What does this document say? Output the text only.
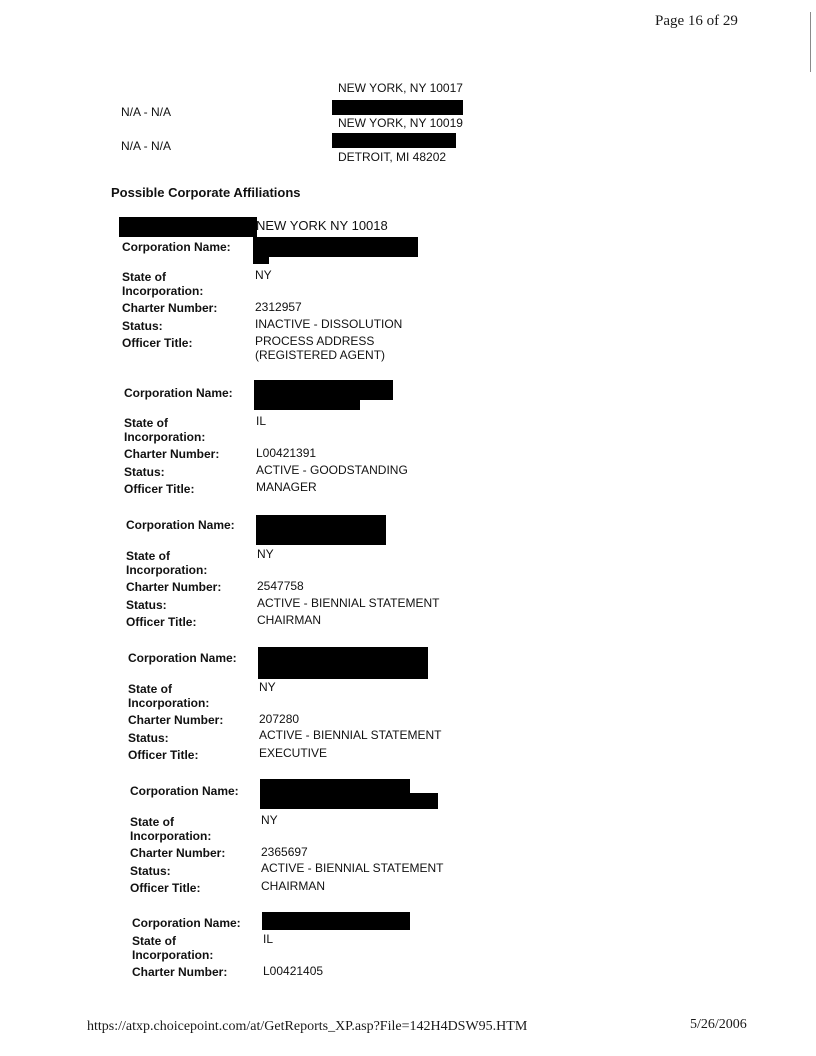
Page 16 of 29
NEW YORK, NY 10017
N/A - N/A
NEW YORK, NY 10019
N/A - N/A
DETROIT, MI 48202
Possible Corporate Affiliations
NEW YORK NY 10018
Corporation Name:
State of
Incorporation:
NY
Charter Number:	2312957
Status:	INACTIVE - DISSOLUTION
Officer Title:	PROCESS ADDRESS (REGISTERED AGENT)
Corporation Name:
State of
Incorporation:
IL
Charter Number:	L00421391
Status:	ACTIVE - GOODSTANDING
Officer Title:	MANAGER
Corporation Name:
State of
Incorporation:
NY
Charter Number:	2547758
Status:	ACTIVE - BIENNIAL STATEMENT
Officer Title:	CHAIRMAN
Corporation Name:
State of
Incorporation:
NY
Charter Number:	207280
Status:	ACTIVE - BIENNIAL STATEMENT
Officer Title:	EXECUTIVE
Corporation Name:
State of
Incorporation:
NY
Charter Number:	2365697
Status:	ACTIVE - BIENNIAL STATEMENT
Officer Title:	CHAIRMAN
Corporation Name:
State of
Incorporation:
IL
Charter Number:	L00421405
https://atxp.choicepoint.com/at/GetReports_XP.asp?File=142H4DSW95.HTM	5/26/2006
